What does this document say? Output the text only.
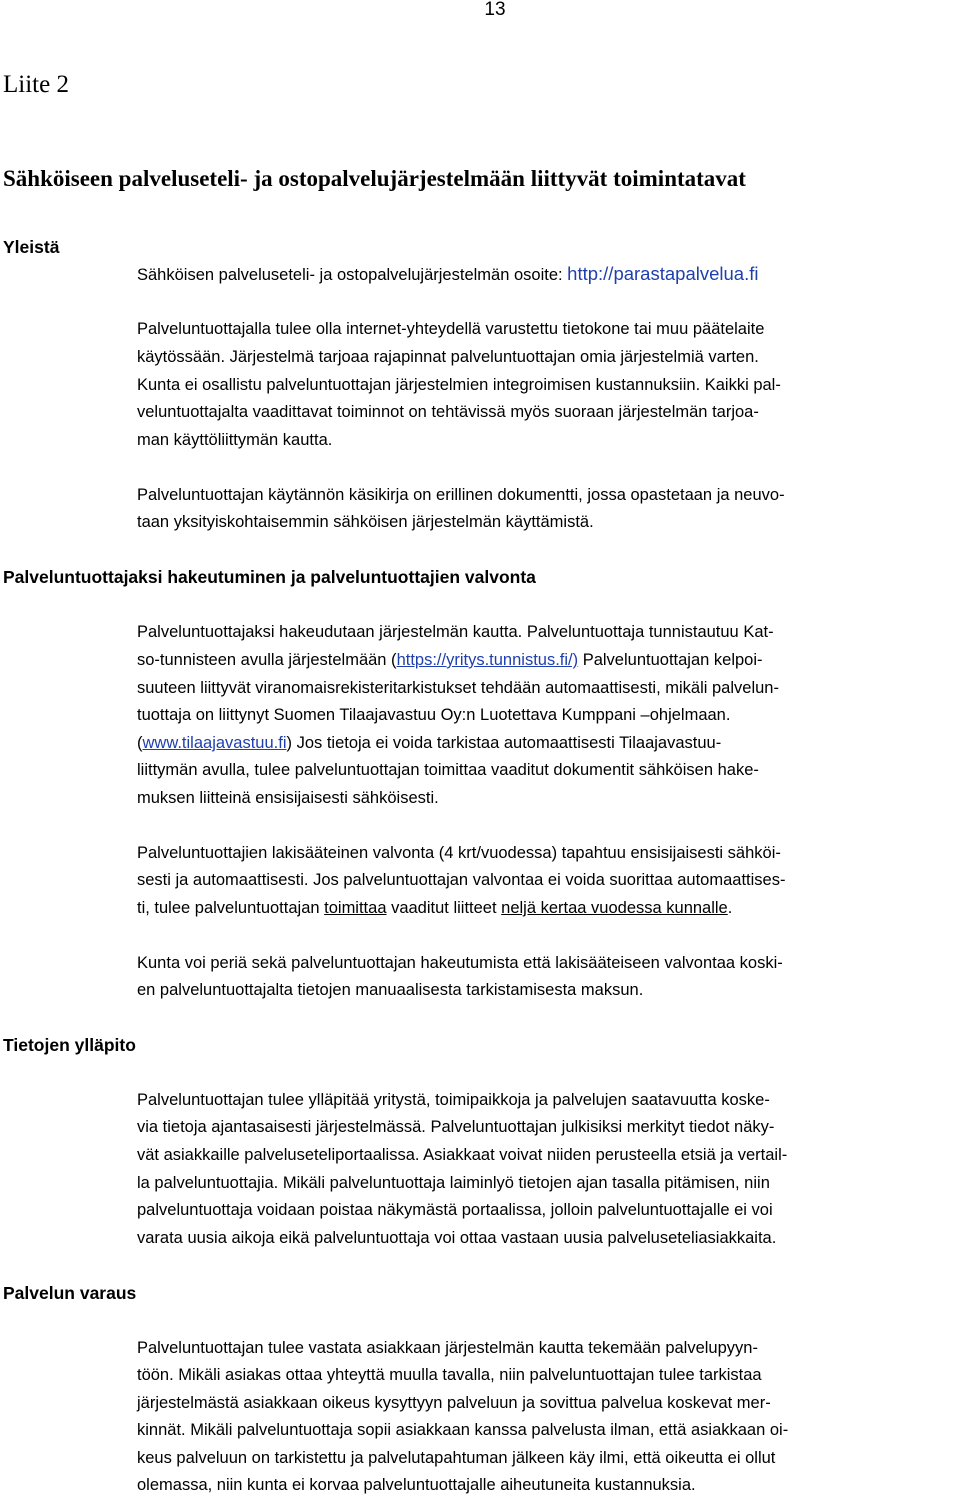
13
Liite 2
Sähköiseen palveluseteli- ja ostopalvelujärjestelmään liittyvät toimintatavat
Yleistä
Sähköisen palveluseteli- ja ostopalvelujärjestelmän osoite: http://parastapalvelua.fi
Palveluntuottajalla tulee olla internet-yhteydellä varustettu tietokone tai muu päätelaite
käytössään. Järjestelmä tarjoaa rajapinnat palveluntuottajan omia järjestelmiä varten.
Kunta ei osallistu palveluntuottajan järjestelmien integroimisen kustannuksiin. Kaikki pal-
veluntuottajalta vaadittavat toiminnot on tehtävissä myös suoraan järjestelmän tarjoa-
man käyttöliittymän kautta.
Palveluntuottajan käytännön käsikirja on erillinen dokumentti, jossa opastetaan ja neuvo-
taan yksityiskohtaisemmin sähköisen järjestelmän käyttämistä.
Palveluntuottajaksi hakeutuminen ja palveluntuottajien valvonta
Palveluntuottajaksi hakeudutaan järjestelmän kautta. Palveluntuottaja tunnistautuu Kat-
so-tunnisteen avulla järjestelmään (https://yritys.tunnistus.fi/) Palveluntuottajan kelpoi-
suuteen liittyvät viranomaisrekisteritarkistukset tehdään automaattisesti, mikäli palvelun-
tuottaja on liittynyt Suomen Tilaajavastuu Oy:n Luotettava Kumppani –ohjelmaan.
(www.tilaajavastuu.fi) Jos tietoja ei voida tarkistaa automaattisesti Tilaajavastuu-
liittymän avulla, tulee palveluntuottajan toimittaa vaaditut dokumentit sähköisen hake-
muksen liitteinä ensisijaisesti sähköisesti.
Palveluntuottajien lakisääteinen valvonta (4 krt/vuodessa) tapahtuu ensisijaisesti sähköi-
sesti ja automaattisesti. Jos palveluntuottajan valvontaa ei voida suorittaa automaattises-
ti, tulee palveluntuottajan toimittaa vaaditut liitteet neljä kertaa vuodessa kunnalle.
Kunta voi periä sekä palveluntuottajan hakeutumista että lakisääteiseen valvontaa koski-
en palveluntuottajalta tietojen manuaalisesta tarkistamisesta maksun.
Tietojen ylläpito
Palveluntuottajan tulee ylläpitää yritystä, toimipaikkoja ja palvelujen saatavuutta koske-
via tietoja ajantasaisesti järjestelmässä. Palveluntuottajan julkisiksi merkityt tiedot näky-
vät asiakkaille palveluseteliportaalissa. Asiakkaat voivat niiden perusteella etsiä ja vertail-
la palveluntuottajia. Mikäli palveluntuottaja laiminlyö tietojen ajan tasalla pitämisen, niin
palveluntuottaja voidaan poistaa näkymästä portaalissa, jolloin palveluntuottajalle ei voi
varata uusia aikoja eikä palveluntuottaja voi ottaa vastaan uusia palveluseteliasiakkaita.
Palvelun varaus
Palveluntuottajan tulee vastata asiakkaan järjestelmän kautta tekemään palvelupyyn-
töön. Mikäli asiakas ottaa yhteyttä muulla tavalla, niin palveluntuottajan tulee tarkistaa
järjestelmästä asiakkaan oikeus kysyttyyn palveluun ja sovittua palvelua koskevat mer-
kinnät. Mikäli palveluntuottaja sopii asiakkaan kanssa palvelusta ilman, että asiakkaan oi-
keus palveluun on tarkistettu ja palvelutapahtuman jälkeen käy ilmi, että oikeutta ei ollut
olemassa, niin kunta ei korvaa palveluntuottajalle aiheutuneita kustannuksia.
